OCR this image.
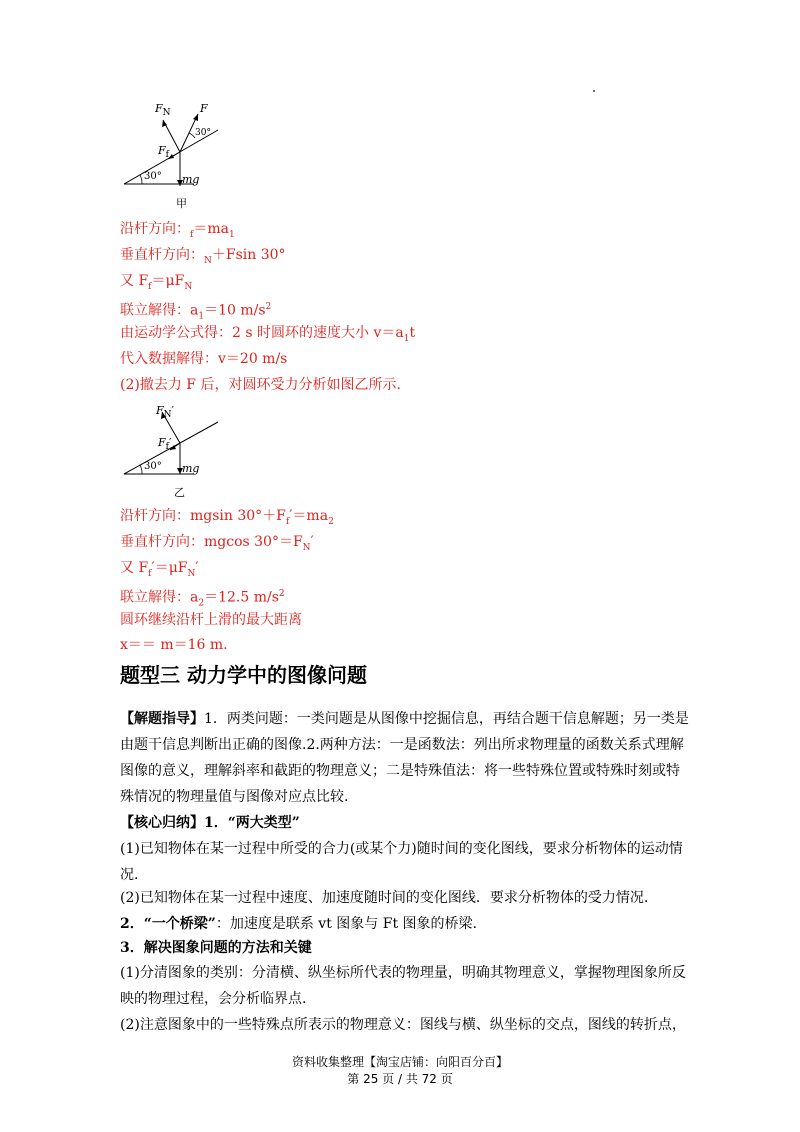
$F_N$	F
30°
$F_f$
30° mg
甲
沿杆方向：$_f=ma_1$
垂直杆方向：$_N$＋Fsin 30°
又 $F_f=\mu F_N$
联立解得：$a_1=10$ $m/s^2$
由运动学公式得：2 s 时圆环的速度大小 $v=a_1t$
代入数据解得：v＝20 m/s
(2)撤去力 F 后，对圆环受力分析如图乙所示．
$F_N'$
$F_f'$
30° mg
乙
沿杆方向：mgsin $30^\circ+F_f'=ma_2$
垂直杆方向：mgcos $30^\circ=F_N'$
又 $F_f'=\mu F_N'$
联立解得：$a_2=12.5$ $m/s^2$
圆环继续沿杆上滑的最大距离
x＝＝ m＝16 m.
题型三 动力学中的图像问题
【解题指导】1．两类问题：一类问题是从图像中挖掘信息，再结合题干信息解题；另一类是由题干信息判断出正确的图像.2.两种方法：一是函数法：列出所求物理量的函数关系式理解图像的意义，理解斜率和截距的物理意义；二是特殊值法：将一些特殊位置或特殊时刻或特殊情况的物理量值与图像对应点比较.
【核心归纳】1．“两大类型”
(1)已知物体在某一过程中所受的合力(或某个力)随时间的变化图线，要求分析物体的运动情况.
(2)已知物体在某一过程中速度、加速度随时间的变化图线．要求分析物体的受力情况.
2．“一个桥梁”：加速度是联系 vt 图象与 Ft 图象的桥梁.
3．解决图象问题的方法和关键
(1)分清图象的类别：分清横、纵坐标所代表的物理量，明确其物理意义，掌握物理图象所反映的物理过程，会分析临界点.
(2)注意图象中的一些特殊点所表示的物理意义：图线与横、纵坐标的交点，图线的转折点，
资料收集整理【淘宝店铺：向阳百分百】
第 25 页 / 共 72 页
